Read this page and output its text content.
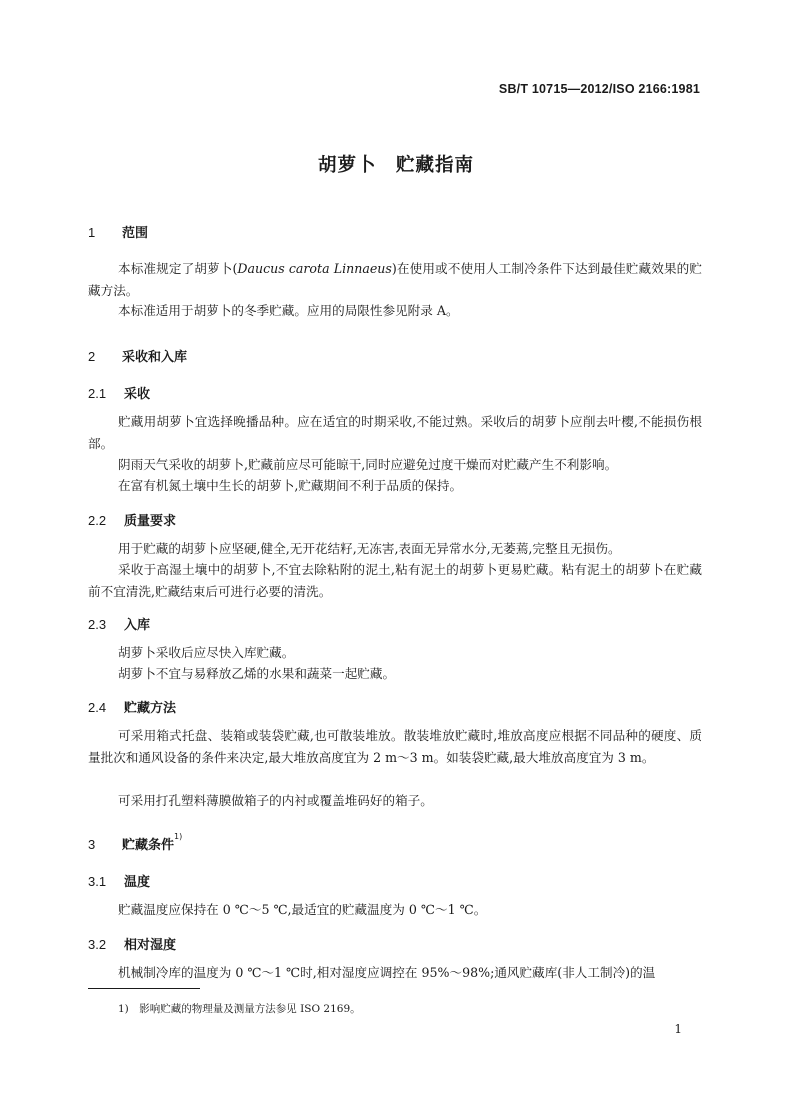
SB/T 10715—2012/ISO 2166:1981
胡萝卜　贮藏指南
1 范围
本标准规定了胡萝卜(Daucus carota Linnaeus)在使用或不使用人工制冷条件下达到最佳贮藏效果的贮藏方法。
本标准适用于胡萝卜的冬季贮藏。应用的局限性参见附录 A。
2 采收和入库
2.1 采收
贮藏用胡萝卜宜选择晚播品种。应在适宜的时期采收,不能过熟。采收后的胡萝卜应削去叶樱,不能损伤根部。
阴雨天气采收的胡萝卜,贮藏前应尽可能晾干,同时应避免过度干燥而对贮藏产生不利影响。
在富有机氮土壤中生长的胡萝卜,贮藏期间不利于品质的保持。
2.2 质量要求
用于贮藏的胡萝卜应坚硬,健全,无开花结籽,无冻害,表面无异常水分,无萎蔫,完整且无损伤。
采收于高湿土壤中的胡萝卜,不宜去除粘附的泥土,粘有泥土的胡萝卜更易贮藏。粘有泥土的胡萝卜在贮藏前不宜清洗,贮藏结束后可进行必要的清洗。
2.3 入库
胡萝卜采收后应尽快入库贮藏。
胡萝卜不宜与易释放乙烯的水果和蔬菜一起贮藏。
2.4 贮藏方法
可采用箱式托盘、装箱或装袋贮藏,也可散装堆放。散装堆放贮藏时,堆放高度应根据不同品种的硬度、质量批次和通风设备的条件来决定,最大堆放高度宜为 2 m～3 m。如装袋贮藏,最大堆放高度宜为 3 m。
可采用打孔塑料薄膜做箱子的内衬或覆盖堆码好的箱子。
3 贮藏条件$^{1)}$
3.1 温度
贮藏温度应保持在 0 ℃～5 ℃,最适宜的贮藏温度为 0 ℃～1 ℃。
3.2 相对湿度
机械制冷库的温度为 0 ℃～1 ℃时,相对湿度应调控在 95%～98%;通风贮藏库(非人工制冷)的温
1)　影响贮藏的物理量及测量方法参见 ISO 2169。
1
